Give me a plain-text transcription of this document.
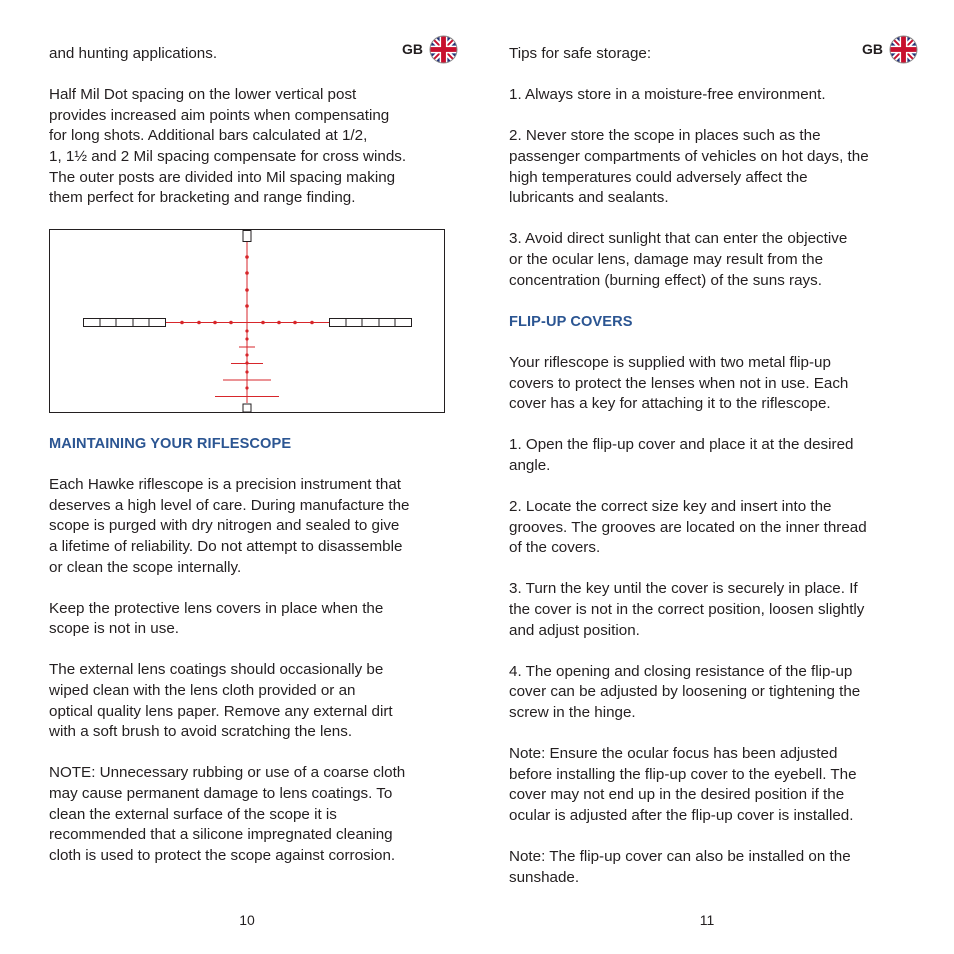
GB

and hunting applications.

Half Mil Dot spacing on the lower vertical post
provides increased aim points when compensating
for long shots. Additional bars calculated at 1/2,
1, 1½ and 2 Mil spacing compensate for cross winds.
The outer posts are divided into Mil spacing making
them perfect for bracketing and range finding.

MAINTAINING YOUR RIFLESCOPE

Each Hawke riflescope is a precision instrument that
deserves a high level of care. During manufacture the
scope is purged with dry nitrogen and sealed to give
a lifetime of reliability. Do not attempt to disassemble
or clean the scope internally.

Keep the protective lens covers in place when the
scope is not in use.

The external lens coatings should occasionally be
wiped clean with the lens cloth provided or an
optical quality lens paper. Remove any external dirt
with a soft brush to avoid scratching the lens.

NOTE: Unnecessary rubbing or use of a coarse cloth
may cause permanent damage to lens coatings. To
clean the external surface of the scope it is
recommended that a silicone impregnated cleaning
cloth is used to protect the scope against corrosion.

10
GB

Tips for safe storage:

1. Always store in a moisture-free environment.

2. Never store the scope in places such as the
passenger compartments of vehicles on hot days, the
high temperatures could adversely affect the
lubricants and sealants.

3. Avoid direct sunlight that can enter the objective
or the ocular lens, damage may result from the
concentration (burning effect) of the suns rays.

FLIP-UP COVERS

Your riflescope is supplied with two metal flip-up
covers to protect the lenses when not in use. Each
cover has a key for attaching it to the riflescope.

1. Open the flip-up cover and place it at the desired
angle.

2. Locate the correct size key and insert into the
grooves. The grooves are located on the inner thread
of the covers.

3. Turn the key until the cover is securely in place. If
the cover is not in the correct position, loosen slightly
and adjust position.

4. The opening and closing resistance of the flip-up
cover can be adjusted by loosening or tightening the
screw in the hinge.

Note: Ensure the ocular focus has been adjusted
before installing the flip-up cover to the eyebell. The
cover may not end up in the desired position if the
ocular is adjusted after the flip-up cover is installed.

Note: The flip-up cover can also be installed on the
sunshade.

11
